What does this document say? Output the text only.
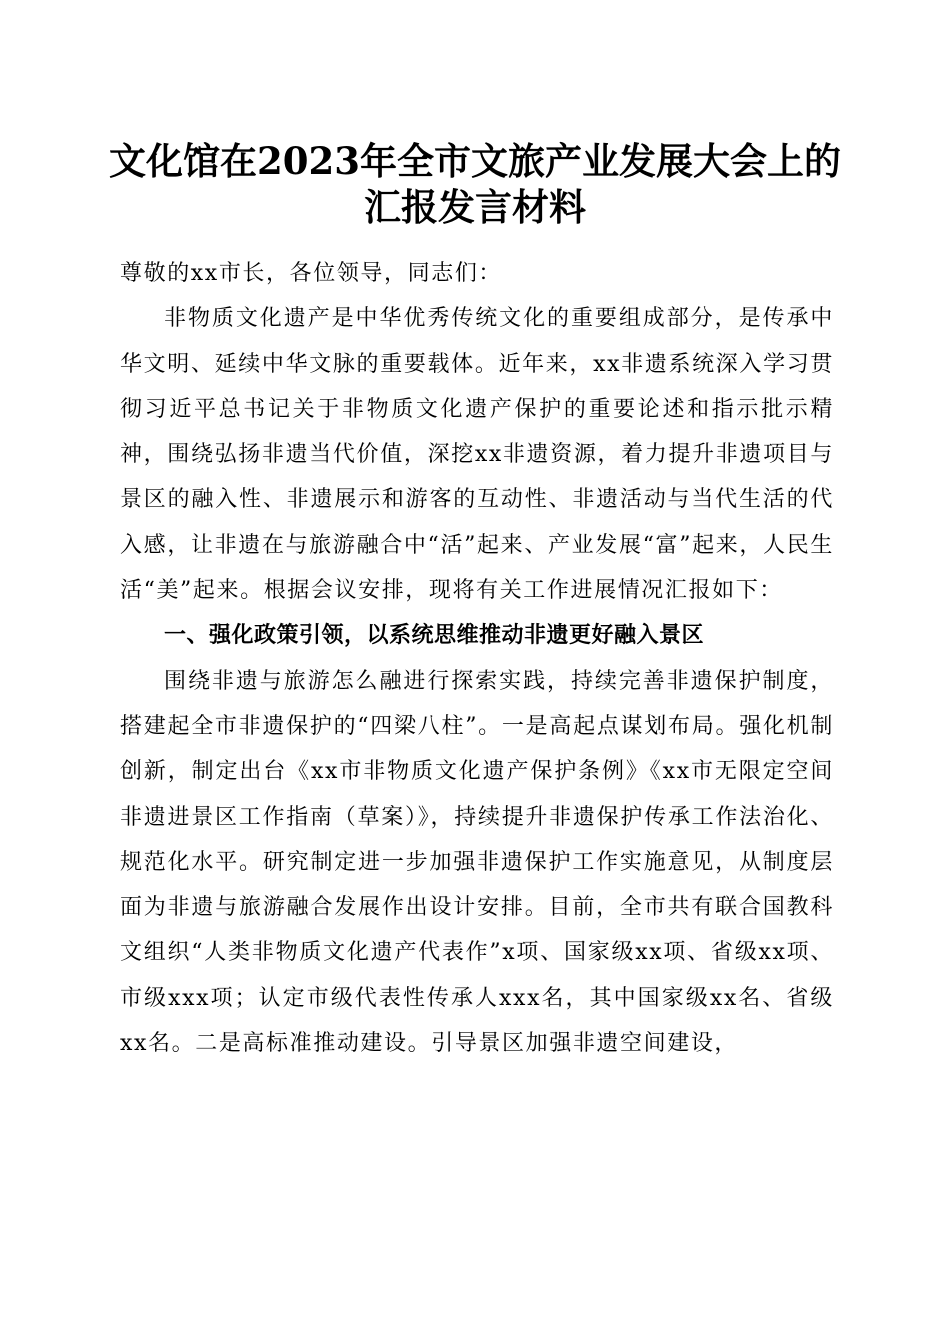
文化馆在2023年全市文旅产业发展大会上的
汇报发言材料

尊敬的xx市长，各位领导，同志们：

非物质文化遗产是中华优秀传统文化的重要组成部分，是传承中华文明、延续中华文脉的重要载体。近年来，xx非遗系统深入学习贯彻习近平总书记关于非物质文化遗产保护的重要论述和指示批示精神，围绕弘扬非遗当代价值，深挖xx非遗资源，着力提升非遗项目与景区的融入性、非遗展示和游客的互动性、非遗活动与当代生活的代入感，让非遗在与旅游融合中“活”起来、产业发展“富”起来，人民生活“美”起来。根据会议安排，现将有关工作进展情况汇报如下：

一、强化政策引领，以系统思维推动非遗更好融入景区

围绕非遗与旅游怎么融进行探索实践，持续完善非遗保护制度，搭建起全市非遗保护的“四梁八柱”。一是高起点谋划布局。强化机制创新，制定出台《xx市非物质文化遗产保护条例》《xx市无限定空间非遗进景区工作指南（草案）》，持续提升非遗保护传承工作法治化、规范化水平。研究制定进一步加强非遗保护工作实施意见，从制度层面为非遗与旅游融合发展作出设计安排。目前，全市共有联合国教科文组织“人类非物质文化遗产代表作”x项、国家级xx项、省级xx项、市级xxx项；认定市级代表性传承人xxx名，其中国家级xx名、省级xx名。二是高标准推动建设。引导景区加强非遗空间建设，
